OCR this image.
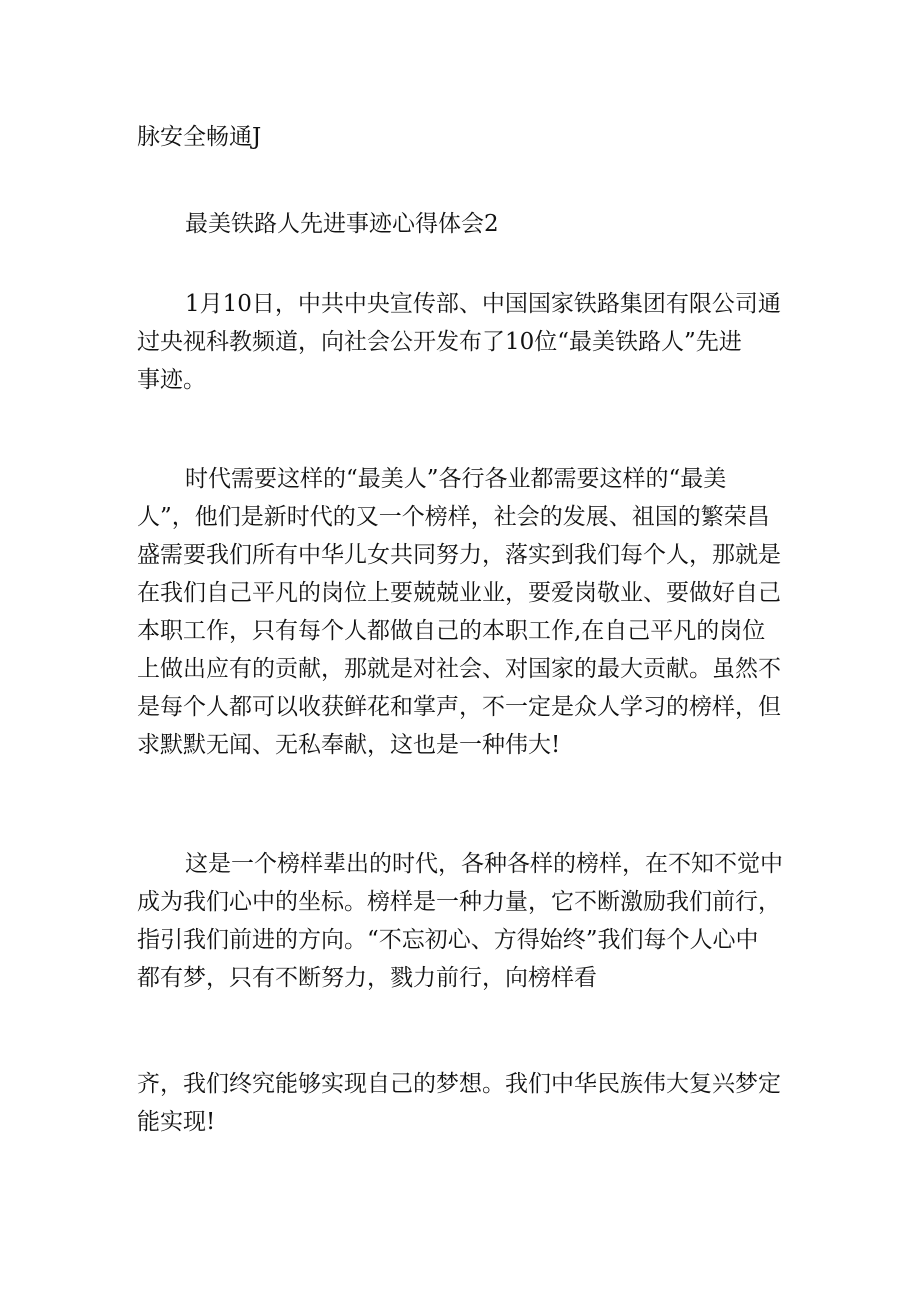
脉安全畅通J

最美铁路人先进事迹心得体会2

1月10日，中共中央宣传部、中国国家铁路集团有限公司通
过央视科教频道，向社会公开发布了10位“最美铁路人”先进
事迹。

时代需要这样的“最美人”各行各业都需要这样的“最美
人”，他们是新时代的又一个榜样，社会的发展、祖国的繁荣昌
盛需要我们所有中华儿女共同努力，落实到我们每个人，那就是
在我们自己平凡的岗位上要兢兢业业，要爱岗敬业、要做好自己
本职工作，只有每个人都做自己的本职工作,在自己平凡的岗位
上做出应有的贡献，那就是对社会、对国家的最大贡献。虽然不
是每个人都可以收获鲜花和掌声，不一定是众人学习的榜样，但
求默默无闻、无私奉献，这也是一种伟大!

这是一个榜样辈出的时代，各种各样的榜样，在不知不觉中
成为我们心中的坐标。榜样是一种力量，它不断激励我们前行，
指引我们前进的方向。“不忘初心、方得始终”我们每个人心中
都有梦，只有不断努力，戮力前行，向榜样看

齐，我们终究能够实现自己的梦想。我们中华民族伟大复兴梦定
能实现!
